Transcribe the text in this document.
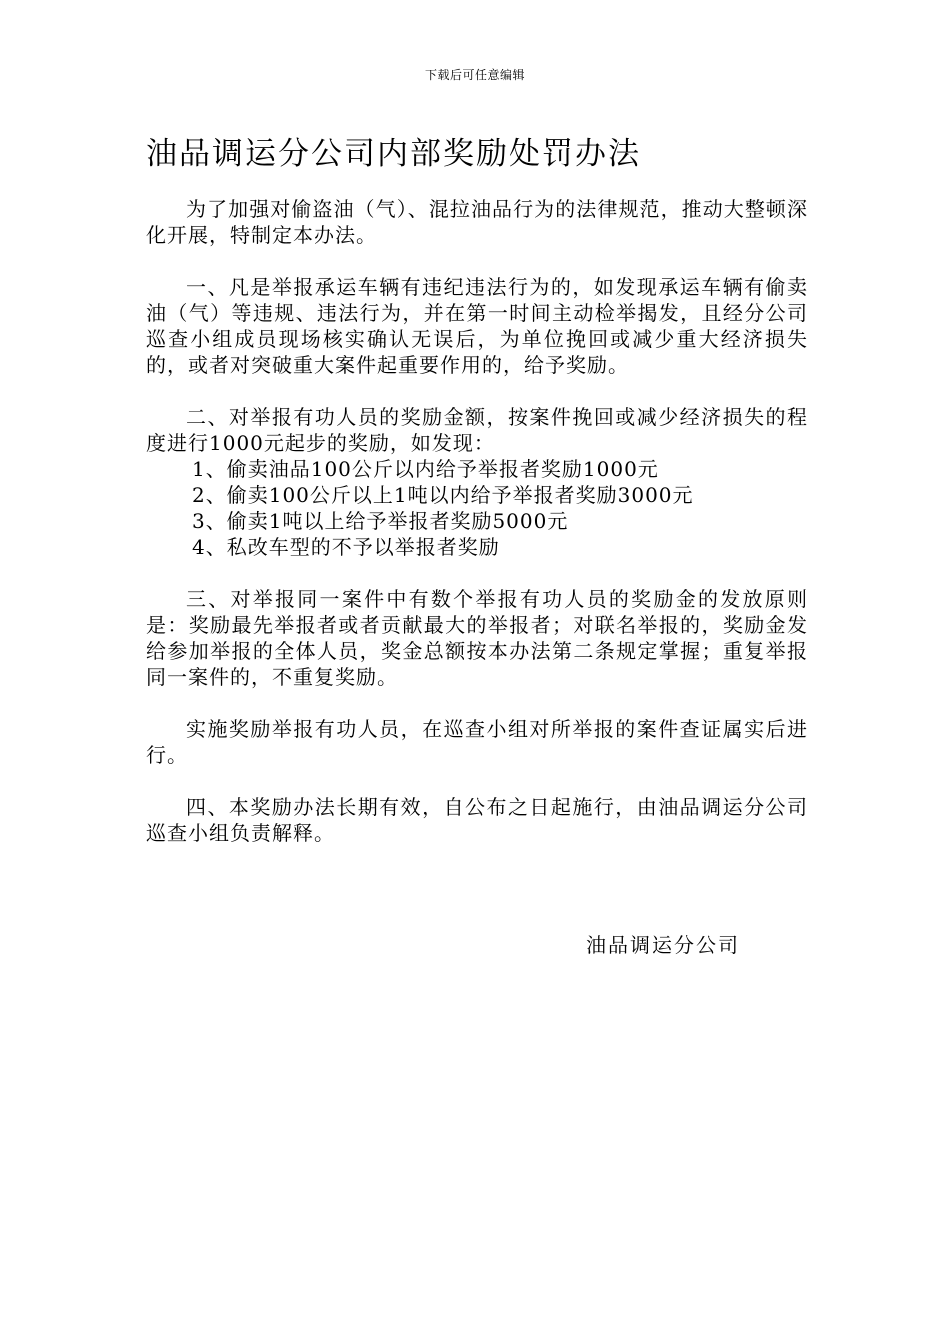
下载后可任意编辑
油品调运分公司内部奖励处罚办法

为了加强对偷盗油（气）、混拉油品行为的法律规范，推动大整顿深化开展，特制定本办法。

一、凡是举报承运车辆有违纪违法行为的，如发现承运车辆有偷卖油（气）等违规、违法行为，并在第一时间主动检举揭发，且经分公司巡查小组成员现场核实确认无误后，为单位挽回或减少重大经济损失的，或者对突破重大案件起重要作用的，给予奖励。

二、对举报有功人员的奖励金额，按案件挽回或减少经济损失的程度进行1000元起步的奖励，如发现：

1、偷卖油品100公斤以内给予举报者奖励1000元
2、偷卖100公斤以上1吨以内给予举报者奖励3000元
3、偷卖1吨以上给予举报者奖励5000元
4、私改车型的不予以举报者奖励

三、对举报同一案件中有数个举报有功人员的奖励金的发放原则是：奖励最先举报者或者贡献最大的举报者；对联名举报的，奖励金发给参加举报的全体人员，奖金总额按本办法第二条规定掌握；重复举报同一案件的，不重复奖励。

实施奖励举报有功人员，在巡查小组对所举报的案件查证属实后进行。

四、本奖励办法长期有效，自公布之日起施行，由油品调运分公司巡查小组负责解释。

油品调运分公司
